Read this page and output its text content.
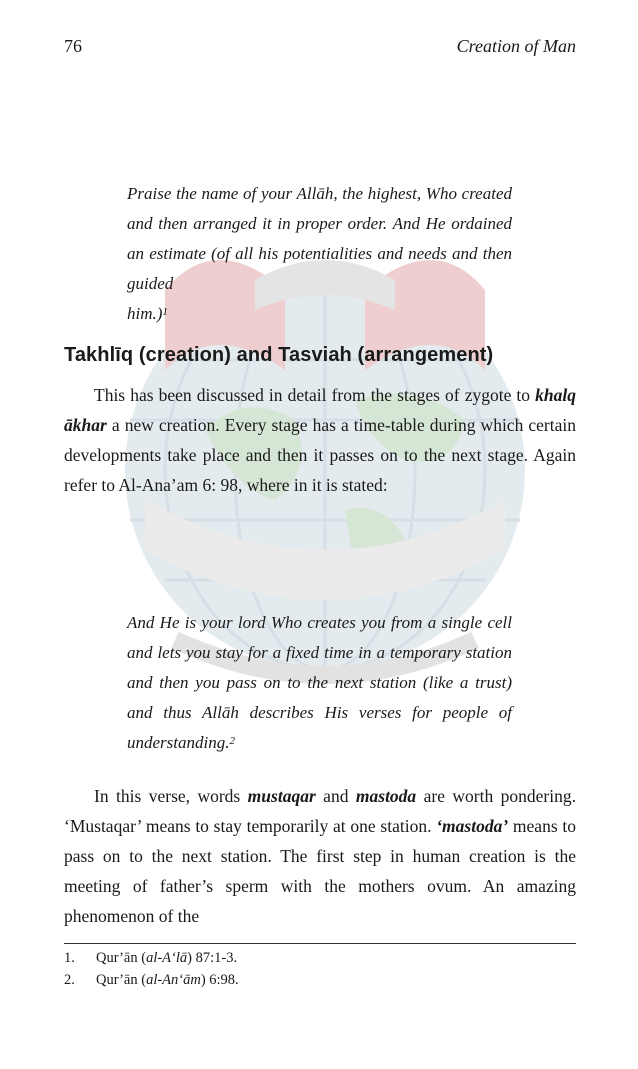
76	Creation of Man
Praise the name of your Allāh, the highest, Who created and then arranged it in proper order. And He ordained an estimate (of all his potentialities and needs and then guided
him.)$^1$
Takhlīq (creation) and Tasviah (arrangement)

This has been discussed in detail from the stages of zygote to khalq ākhar a new creation. Every stage has a time-table during which certain developments take place and then it passes on to the next stage. Again refer to Al-Ana’am 6: 98, where in it is stated:

And He is your lord Who creates you from a single cell and lets you stay for a fixed time in a temporary station and then you pass on to the next station (like a trust) and thus Allāh describes His verses for people of
understanding.$^2$

In this verse, words mustaqar and mastoda are worth pondering. ‘Mustaqar’ means to stay temporarily at one station. ‘mastoda’ means to pass on to the next station. The first step in human creation is the meeting of father’s sperm with the mothers ovum. An amazing phenomenon of the

1.	Qur’ān (al-A‘lā) 87:1-3.
2.	Qur’ān (al-An‘ām) 6:98.
